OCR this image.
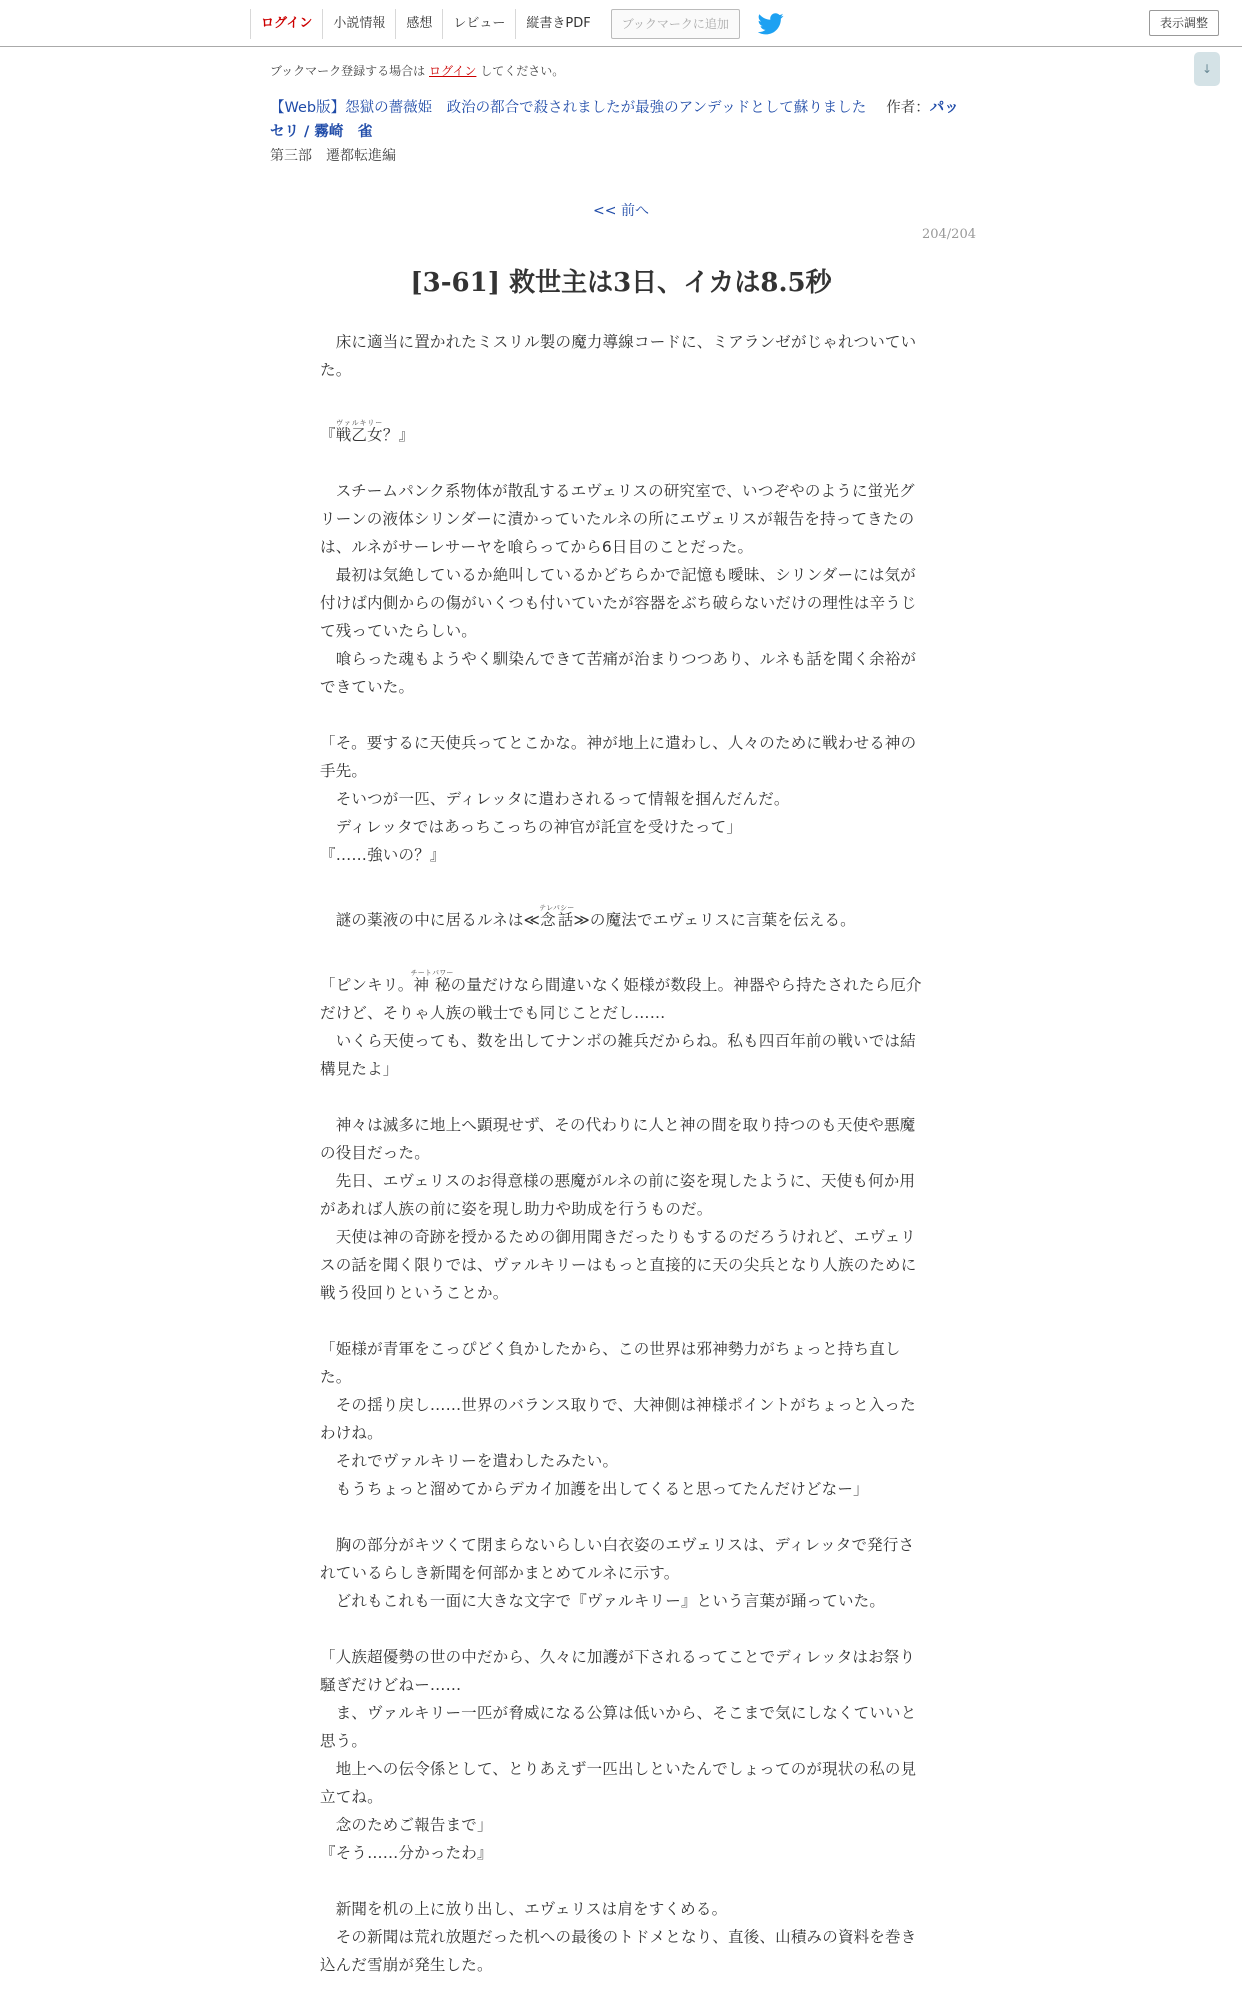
ログイン	小説情報	感想	レビュー	縦書きPDF	ブックマークに追加	表示調整
↓
ブックマーク登録する場合は ログイン してください。
【Web版】怨獄の薔薇姫　政治の都合で殺されましたが最強のアンデッドとして蘇りました 作者：パッセリ / 霧崎　雀
第三部　遷都転進編
<< 前へ
204/204
[3-61] 救世主は3日、イカは8.5秒

　床に適当に置かれたミスリル製の魔力導線コードに、ミアランゼがじゃれついていた。

『戦乙女ヴァルキリー？』

　スチームパンク系物体が散乱するエヴェリスの研究室で、いつぞやのように蛍光グリーンの液体シリンダーに漬かっていたルネの所にエヴェリスが報告を持ってきたのは、ルネがサーレサーヤを喰らってから6日目のことだった。

　最初は気絶しているか絶叫しているかどちらかで記憶も曖昧、シリンダーには気が付けば内側からの傷がいくつも付いていたが容器をぶち破らないだけの理性は辛うじて残っていたらしい。

　喰らった魂もようやく馴染んできて苦痛が治まりつつあり、ルネも話を聞く余裕ができていた。

「そ。要するに天使兵ってとこかな。神が地上に遣わし、人々のために戦わせる神の手先。

　そいつが一匹、ディレッタに遣わされるって情報を掴んだんだ。

　ディレッタではあっちこっちの神官が託宣を受けたって」

『……強いの？』

　謎の薬液の中に居るルネは≪念話テレパシー≫の魔法でエヴェリスに言葉を伝える。

「ピンキリ。神秘チートパワーの量だけなら間違いなく姫様が数段上。神器やら持たされたら厄介だけど、そりゃ人族の戦士でも同じことだし……

　いくら天使っても、数を出してナンボの雑兵だからね。私も四百年前の戦いでは結構見たよ」

　神々は滅多に地上へ顕現せず、その代わりに人と神の間を取り持つのも天使や悪魔の役目だった。

　先日、エヴェリスのお得意様の悪魔がルネの前に姿を現したように、天使も何か用があれば人族の前に姿を現し助力や助成を行うものだ。

　天使は神の奇跡を授かるための御用聞きだったりもするのだろうけれど、エヴェリスの話を聞く限りでは、ヴァルキリーはもっと直接的に天の尖兵となり人族のために戦う役回りということか。

「姫様が青軍をこっぴどく負かしたから、この世界は邪神勢力がちょっと持ち直した。

　その揺り戻し……世界のバランス取りで、大神側は神様ポイントがちょっと入ったわけね。

　それでヴァルキリーを遣わしたみたい。

　もうちょっと溜めてからデカイ加護を出してくると思ってたんだけどなー」

　胸の部分がキツくて閉まらないらしい白衣姿のエヴェリスは、ディレッタで発行されているらしき新聞を何部かまとめてルネに示す。

　どれもこれも一面に大きな文字で『ヴァルキリー』という言葉が踊っていた。

「人族超優勢の世の中だから、久々に加護が下されるってことでディレッタはお祭り騒ぎだけどねー……

　ま、ヴァルキリー一匹が脅威になる公算は低いから、そこまで気にしなくていいと思う。

　地上への伝令係として、とりあえず一匹出しといたんでしょってのが現状の私の見立てね。

　念のためご報告まで」

『そう……分かったわ』

　新聞を机の上に放り出し、エヴェリスは肩をすくめる。

　その新聞は荒れ放題だった机への最後のトドメとなり、直後、山積みの資料を巻き込んだ雪崩が発生した。
